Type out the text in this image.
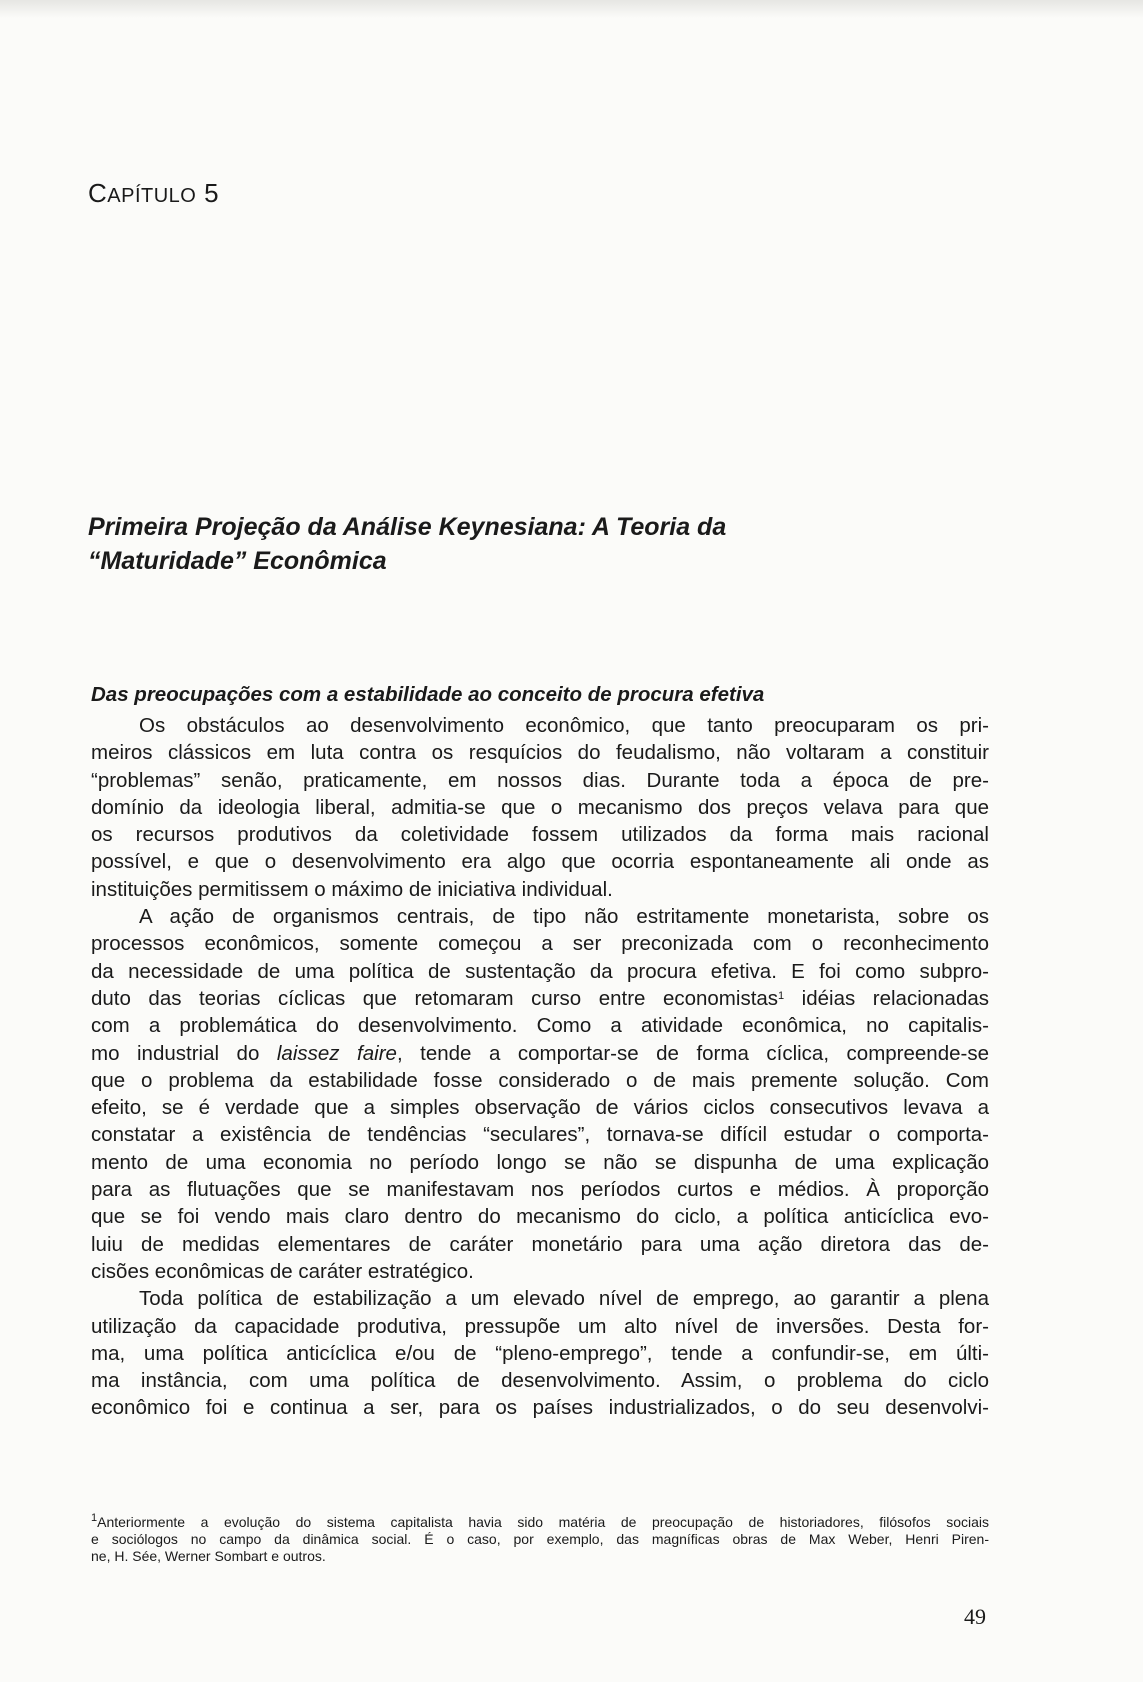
CAPÍTULO 5
Primeira Projeção da Análise Keynesiana: A Teoria da
“Maturidade” Econômica
Das preocupações com a estabilidade ao conceito de procura efetiva
Os obstáculos ao desenvolvimento econômico, que tanto preocuparam os pri-
meiros clássicos em luta contra os resquícios do feudalismo, não voltaram a constituir
“problemas” senão, praticamente, em nossos dias. Durante toda a época de pre-
domínio da ideologia liberal, admitia-se que o mecanismo dos preços velava para que
os recursos produtivos da coletividade fossem utilizados da forma mais racional
possível, e que o desenvolvimento era algo que ocorria espontaneamente ali onde as
instituições permitissem o máximo de iniciativa individual.
A ação de organismos centrais, de tipo não estritamente monetarista, sobre os
processos econômicos, somente começou a ser preconizada com o reconhecimento
da necessidade de uma política de sustentação da procura efetiva. E foi como subpro-
duto das teorias cíclicas que retomaram curso entre economistas$^1$ idéias relacionadas
com a problemática do desenvolvimento. Como a atividade econômica, no capitalis-
mo industrial do laissez faire, tende a comportar-se de forma cíclica, compreende-se
que o problema da estabilidade fosse considerado o de mais premente solução. Com
efeito, se é verdade que a simples observação de vários ciclos consecutivos levava a
constatar a existência de tendências “seculares”, tornava-se difícil estudar o comporta-
mento de uma economia no período longo se não se dispunha de uma explicação
para as flutuações que se manifestavam nos períodos curtos e médios. À proporção
que se foi vendo mais claro dentro do mecanismo do ciclo, a política anticíclica evo-
luiu de medidas elementares de caráter monetário para uma ação diretora das de-
cisões econômicas de caráter estratégico.
Toda política de estabilização a um elevado nível de emprego, ao garantir a plena
utilização da capacidade produtiva, pressupõe um alto nível de inversões. Desta for-
ma, uma política anticíclica e/ou de “pleno-emprego”, tende a confundir-se, em últi-
ma instância, com uma política de desenvolvimento. Assim, o problema do ciclo
econômico foi e continua a ser, para os países industrializados, o do seu desenvolvi-
$^1$Anteriormente a evolução do sistema capitalista havia sido matéria de preocupação de historiadores, filósofos sociais
e sociólogos no campo da dinâmica social. É o caso, por exemplo, das magníficas obras de Max Weber, Henri Piren-
ne, H. Sée, Werner Sombart e outros.
49
